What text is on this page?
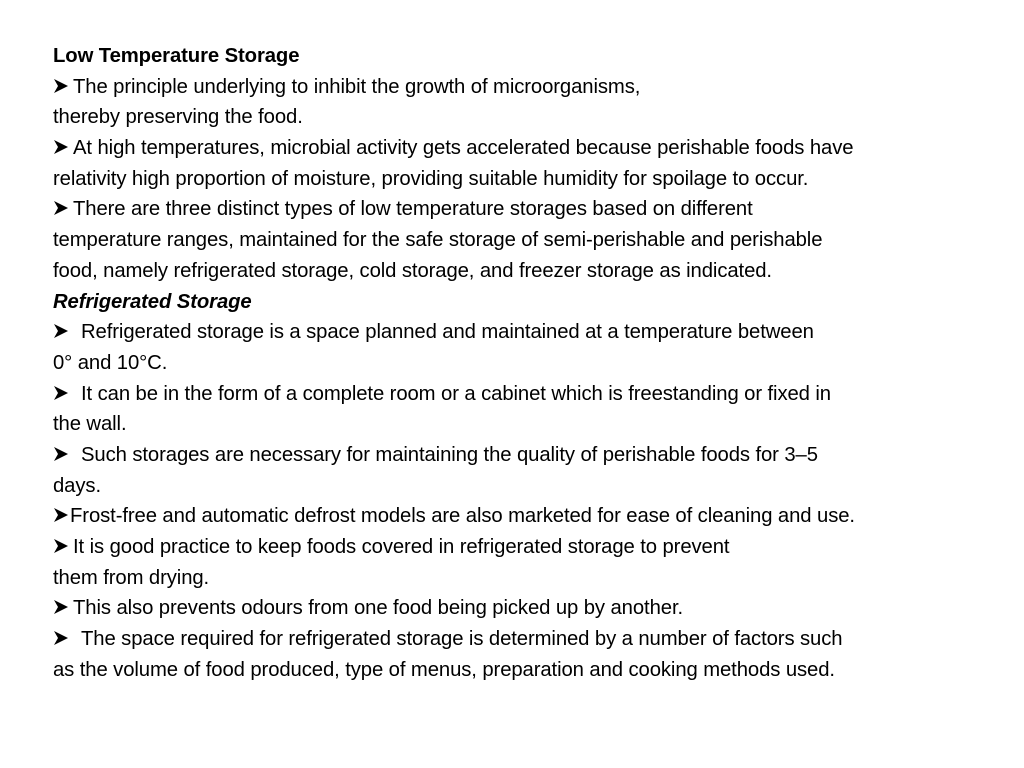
Low Temperature Storage
The principle underlying to inhibit the growth of microorganisms,
thereby preserving the food.
At high temperatures, microbial activity gets accelerated because perishable foods have
relativity high proportion of moisture, providing suitable humidity for spoilage to occur.
There are three distinct types of low temperature storages based on different
temperature ranges, maintained for the safe storage of semi-perishable and perishable
food, namely refrigerated storage, cold storage, and freezer storage as indicated.
Refrigerated Storage
Refrigerated storage is a space planned and maintained at a temperature between
0° and 10°C.
It can be in the form of a complete room or a cabinet which is freestanding or fixed in
the wall.
Such storages are necessary for maintaining the quality of perishable foods for 3–5
days.
Frost-free and automatic defrost models are also marketed for ease of cleaning and use.
It is good practice to keep foods covered in refrigerated storage to prevent
them from drying.
This also prevents odours from one food being picked up by another.
The space required for refrigerated storage is determined by a number of factors such
as the volume of food produced, type of menus, preparation and cooking methods used.
